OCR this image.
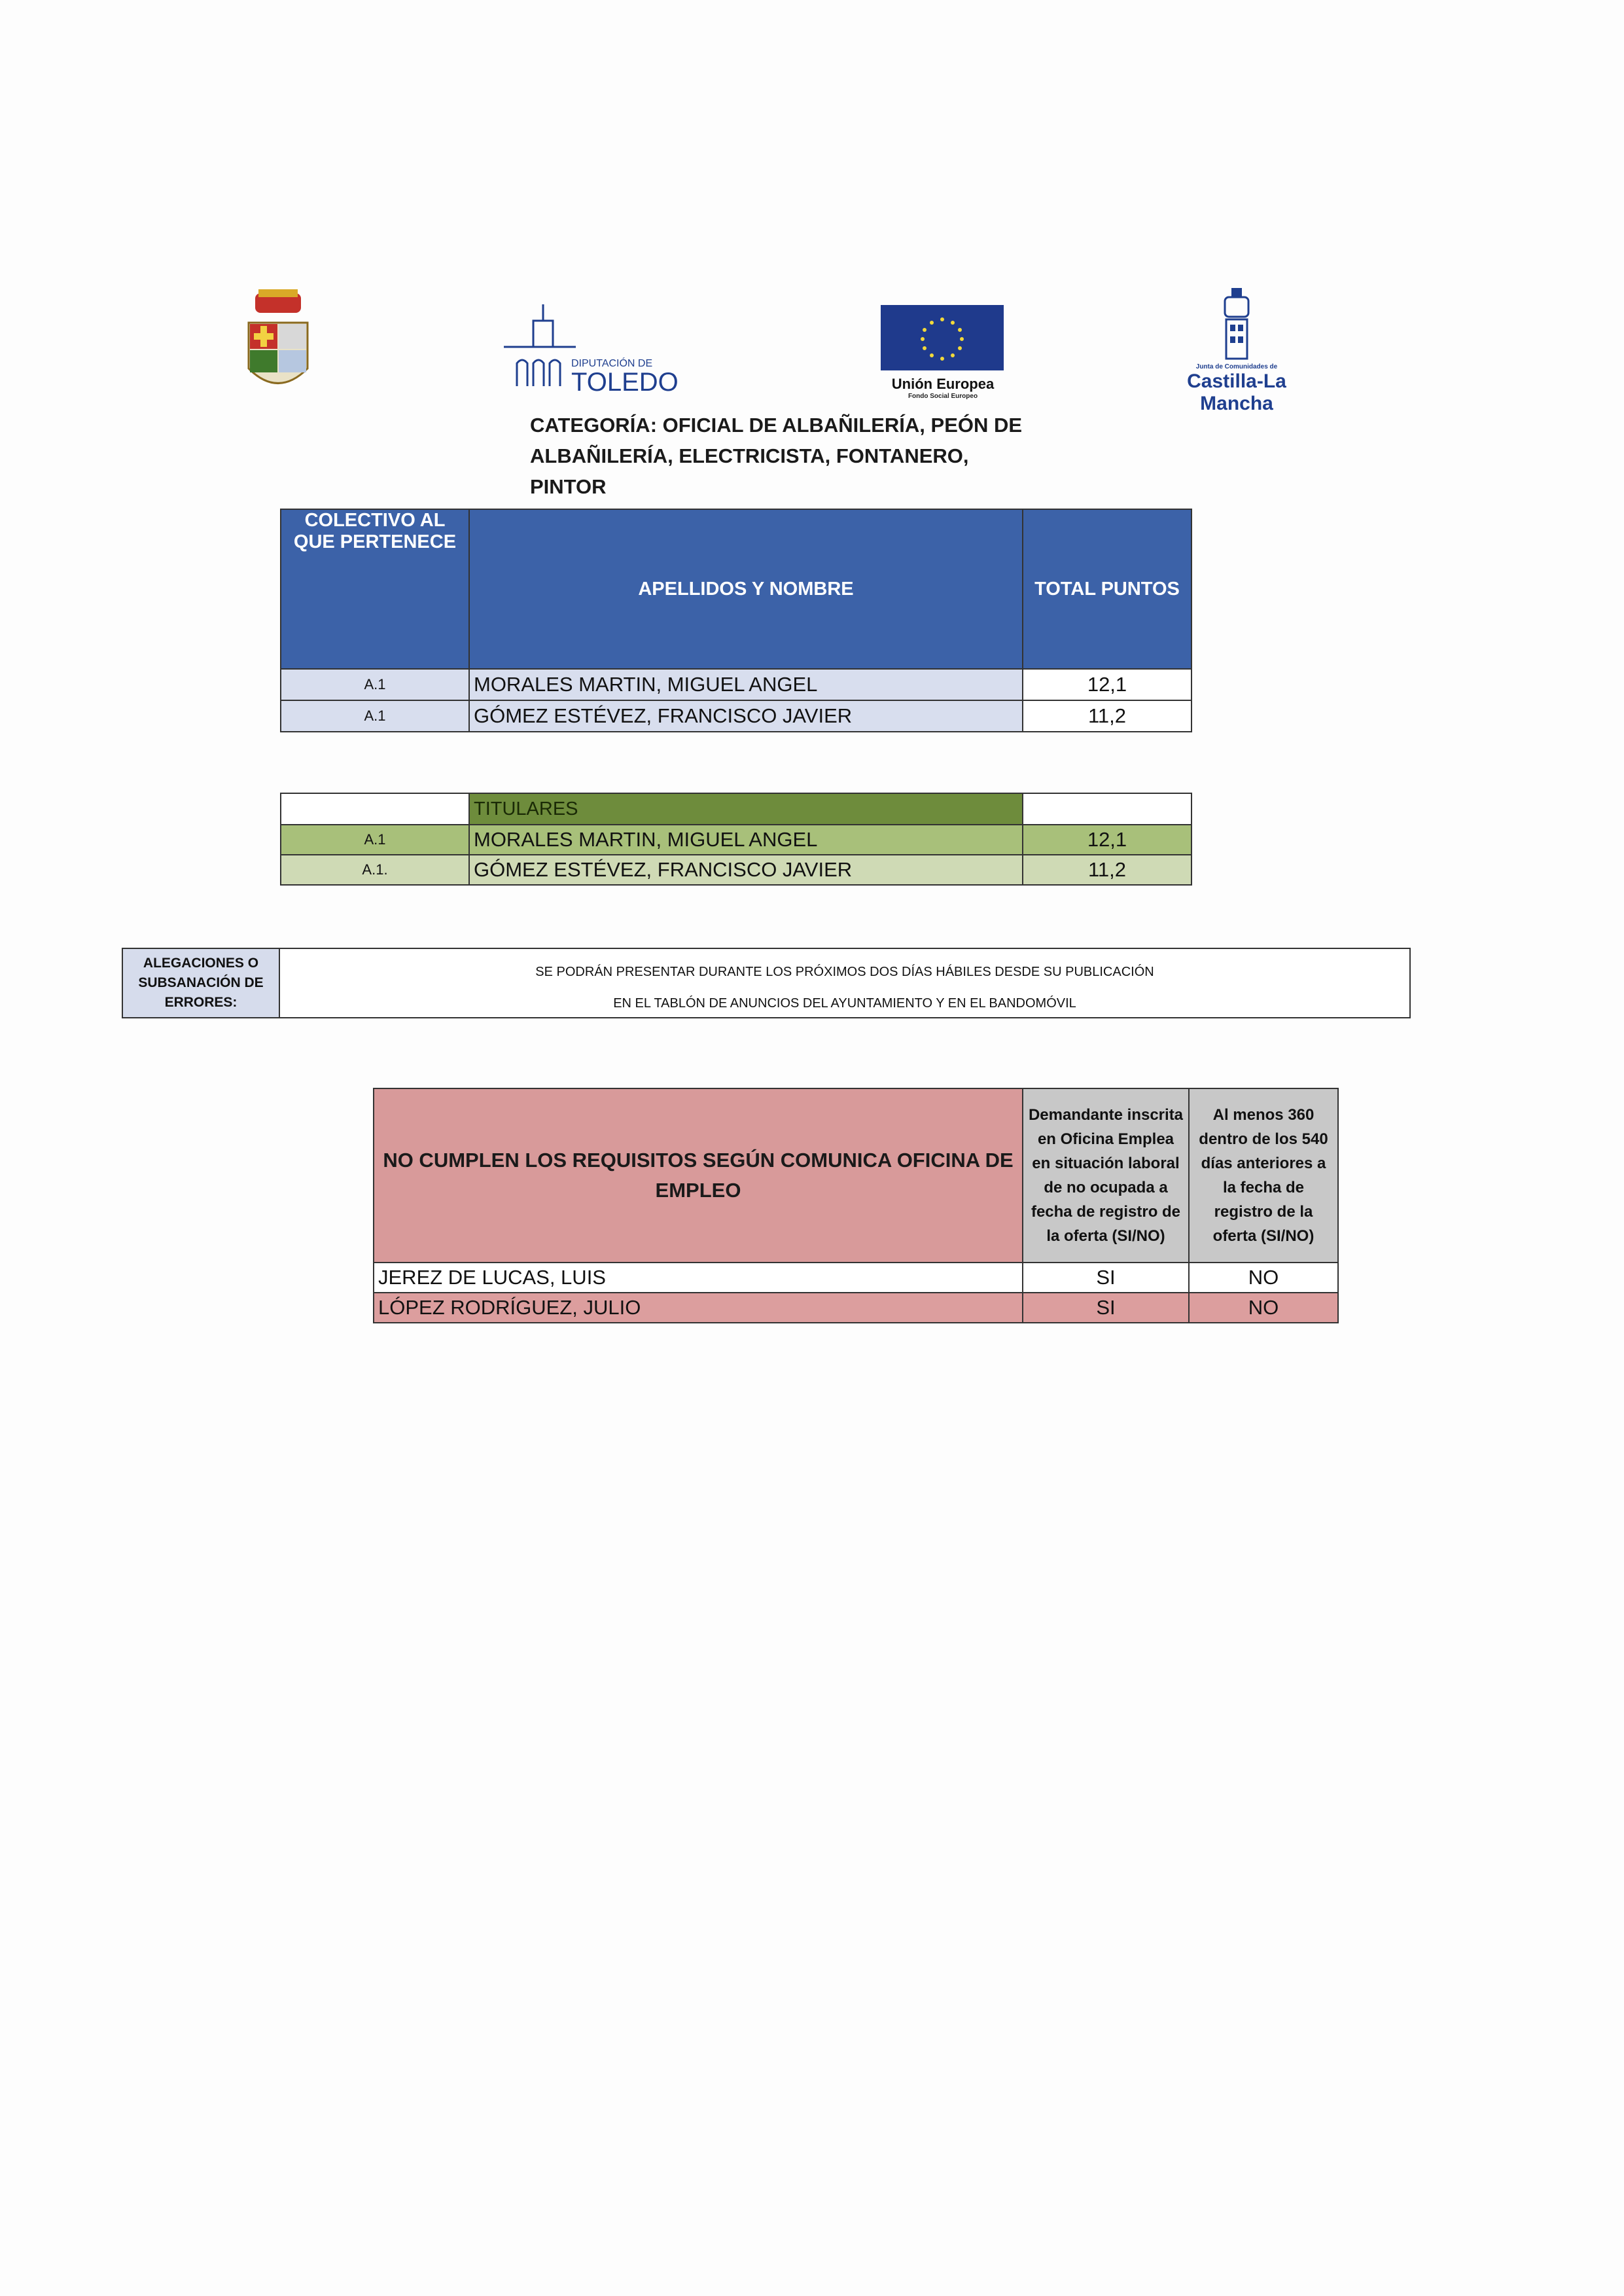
DIPUTACIÓN DE
TOLEDO	Unión Europea
Fondo Social Europeo
Junta de Comunidades de
Castilla-La Mancha
CATEGORÍA: OFICIAL DE ALBAÑILERÍA, PEÓN DE ALBAÑILERÍA, ELECTRICISTA, FONTANERO, PINTOR
COLECTIVO AL QUE PERTENECE	APELLIDOS Y NOMBRE	TOTAL PUNTOS
A.1	MORALES MARTIN, MIGUEL ANGEL	12,1
A.1	GÓMEZ ESTÉVEZ, FRANCISCO JAVIER	11,2
	TITULARES	
A.1	MORALES MARTIN, MIGUEL ANGEL	12,1
A.1.	GÓMEZ ESTÉVEZ, FRANCISCO JAVIER	11,2
ALEGACIONES O SUBSANACIÓN DE ERRORES:	
SE PODRÁN PRESENTAR DURANTE LOS PRÓXIMOS DOS DÍAS HÁBILES DESDE SU PUBLICACIÓN
EN EL TABLÓN DE ANUNCIOS DEL AYUNTAMIENTO Y EN EL BANDOMÓVIL
NO CUMPLEN LOS REQUISITOS SEGÚN COMUNICA OFICINA DE EMPLEO	Demandante inscrita en Oficina Emplea en situación laboral de no ocupada a fecha de registro de la oferta (SI/NO)	Al menos 360 dentro de los 540 días anteriores a la fecha de registro de la oferta (SI/NO)
JEREZ DE LUCAS, LUIS	SI	NO
LÓPEZ RODRÍGUEZ, JULIO	SI	NO
